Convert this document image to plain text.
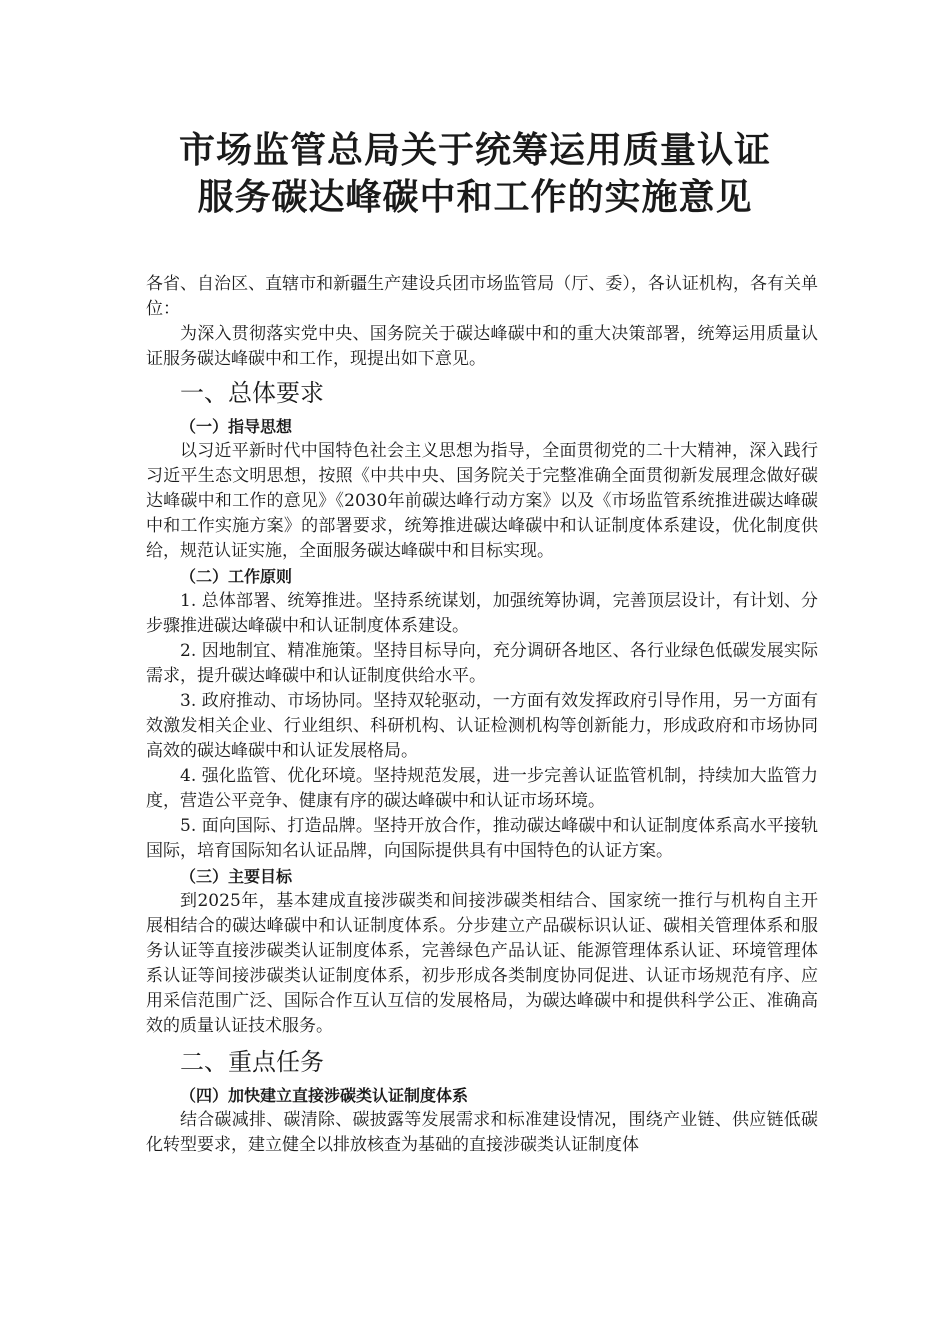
市场监管总局关于统筹运用质量认证
服务碳达峰碳中和工作的实施意见

各省、自治区、直辖市和新疆生产建设兵团市场监管局（厅、委），各认证机构，各有关单位：

为深入贯彻落实党中央、国务院关于碳达峰碳中和的重大决策部署，统筹运用质量认证服务碳达峰碳中和工作，现提出如下意见。

一、总体要求
（一）指导思想

以习近平新时代中国特色社会主义思想为指导，全面贯彻党的二十大精神，深入践行习近平生态文明思想，按照《中共中央、国务院关于完整准确全面贯彻新发展理念做好碳达峰碳中和工作的意见》《2030年前碳达峰行动方案》以及《市场监管系统推进碳达峰碳中和工作实施方案》的部署要求，统筹推进碳达峰碳中和认证制度体系建设，优化制度供给，规范认证实施，全面服务碳达峰碳中和目标实现。

（二）工作原则

1. 总体部署、统筹推进。坚持系统谋划，加强统筹协调，完善顶层设计，有计划、分步骤推进碳达峰碳中和认证制度体系建设。

2. 因地制宜、精准施策。坚持目标导向，充分调研各地区、各行业绿色低碳发展实际需求，提升碳达峰碳中和认证制度供给水平。

3. 政府推动、市场协同。坚持双轮驱动，一方面有效发挥政府引导作用，另一方面有效激发相关企业、行业组织、科研机构、认证检测机构等创新能力，形成政府和市场协同高效的碳达峰碳中和认证发展格局。

4. 强化监管、优化环境。坚持规范发展，进一步完善认证监管机制，持续加大监管力度，营造公平竞争、健康有序的碳达峰碳中和认证市场环境。

5. 面向国际、打造品牌。坚持开放合作，推动碳达峰碳中和认证制度体系高水平接轨国际，培育国际知名认证品牌，向国际提供具有中国特色的认证方案。

（三）主要目标

到2025年，基本建成直接涉碳类和间接涉碳类相结合、国家统一推行与机构自主开展相结合的碳达峰碳中和认证制度体系。分步建立产品碳标识认证、碳相关管理体系和服务认证等直接涉碳类认证制度体系，完善绿色产品认证、能源管理体系认证、环境管理体系认证等间接涉碳类认证制度体系，初步形成各类制度协同促进、认证市场规范有序、应用采信范围广泛、国际合作互认互信的发展格局，为碳达峰碳中和提供科学公正、准确高效的质量认证技术服务。

二、重点任务
（四）加快建立直接涉碳类认证制度体系

结合碳减排、碳清除、碳披露等发展需求和标准建设情况，围绕产业链、供应链低碳化转型要求，建立健全以排放核查为基础的直接涉碳类认证制度体
